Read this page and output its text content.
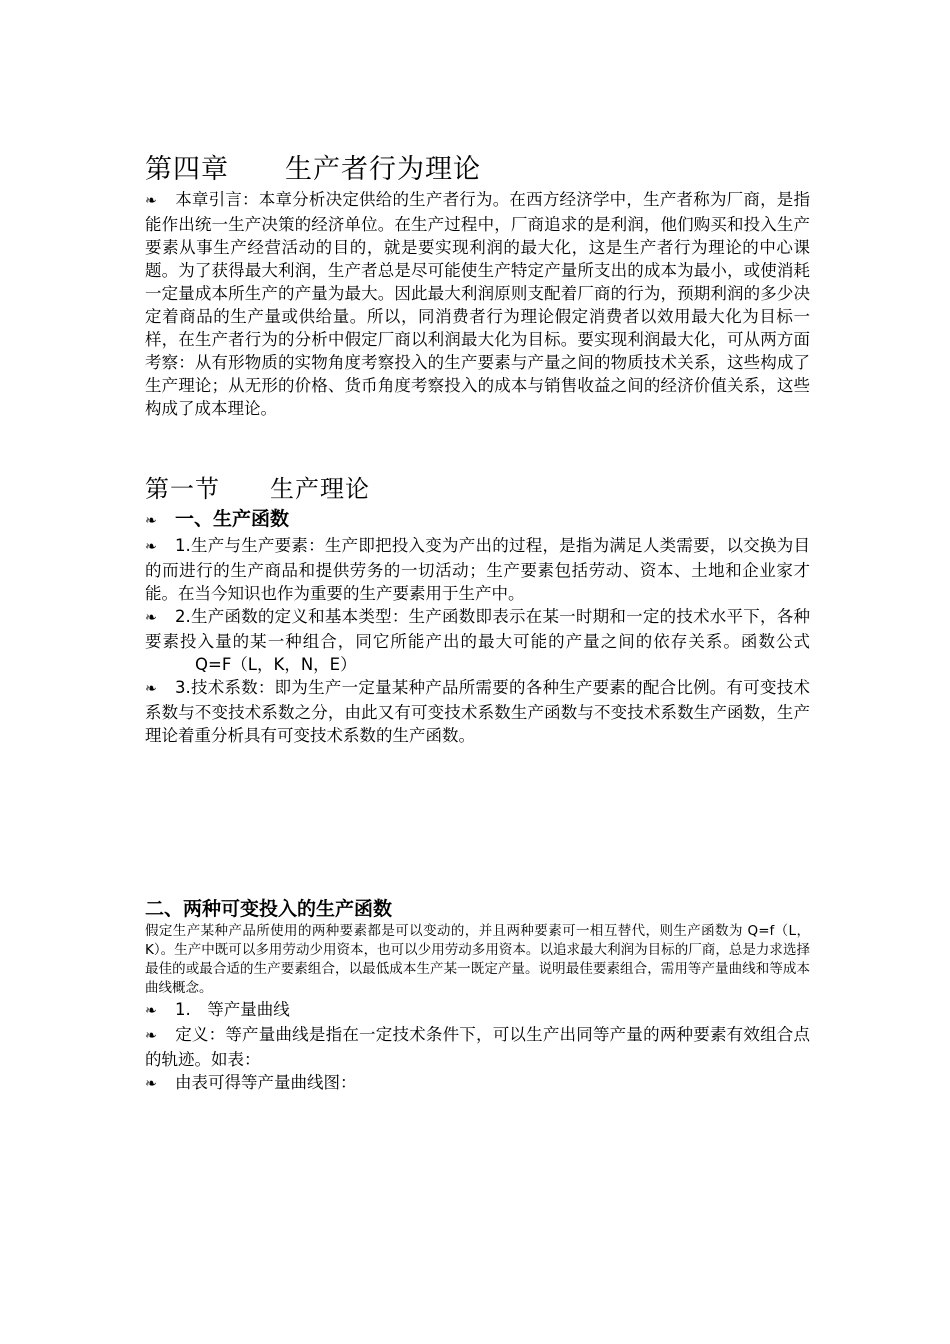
第四章　　生产者行为理论

❧ 本章引言：本章分析决定供给的生产者行为。在西方经济学中，生产者称为厂商，是指能作出统一生产决策的经济单位。在生产过程中，厂商追求的是利润，他们购买和投入生产要素从事生产经营活动的目的，就是要实现利润的最大化，这是生产者行为理论的中心课题。为了获得最大利润，生产者总是尽可能使生产特定产量所支出的成本为最小，或使消耗一定量成本所生产的产量为最大。因此最大利润原则支配着厂商的行为，预期利润的多少决定着商品的生产量或供给量。所以，同消费者行为理论假定消费者以效用最大化为目标一样，在生产者行为的分析中假定厂商以利润最大化为目标。要实现利润最大化，可从两方面考察：从有形物质的实物角度考察投入的生产要素与产量之间的物质技术关系，这些构成了生产理论；从无形的价格、货币角度考察投入的成本与销售收益之间的经济价值关系，这些构成了成本理论。

第一节　　生产理论

❧ 一、生产函数

❧ 1.生产与生产要素：生产即把投入变为产出的过程，是指为满足人类需要，以交换为目的而进行的生产商品和提供劳务的一切活动；生产要素包括劳动、资本、土地和企业家才能。在当今知识也作为重要的生产要素用于生产中。

❧ 2.生产函数的定义和基本类型：生产函数即表示在某一时期和一定的技术水平下，各种要素投入量的某一种组合，同它所能产出的最大可能的产量之间的依存关系。函数公式Q=F（L，K，N，E）

❧ 3.技术系数：即为生产一定量某种产品所需要的各种生产要素的配合比例。有可变技术系数与不变技术系数之分，由此又有可变技术系数生产函数与不变技术系数生产函数，生产理论着重分析具有可变技术系数的生产函数。

二、两种可变投入的生产函数

假定生产某种产品所使用的两种要素都是可以变动的，并且两种要素可一相互替代，则生产函数为 Q=f（L，K）。生产中既可以多用劳动少用资本，也可以少用劳动多用资本。以追求最大利润为目标的厂商，总是力求选择最佳的或最合适的生产要素组合，以最低成本生产某一既定产量。说明最佳要素组合，需用等产量曲线和等成本曲线概念。

❧ 1.　等产量曲线

❧ 定义：等产量曲线是指在一定技术条件下，可以生产出同等产量的两种要素有效组合点的轨迹。如表：

❧ 由表可得等产量曲线图：
